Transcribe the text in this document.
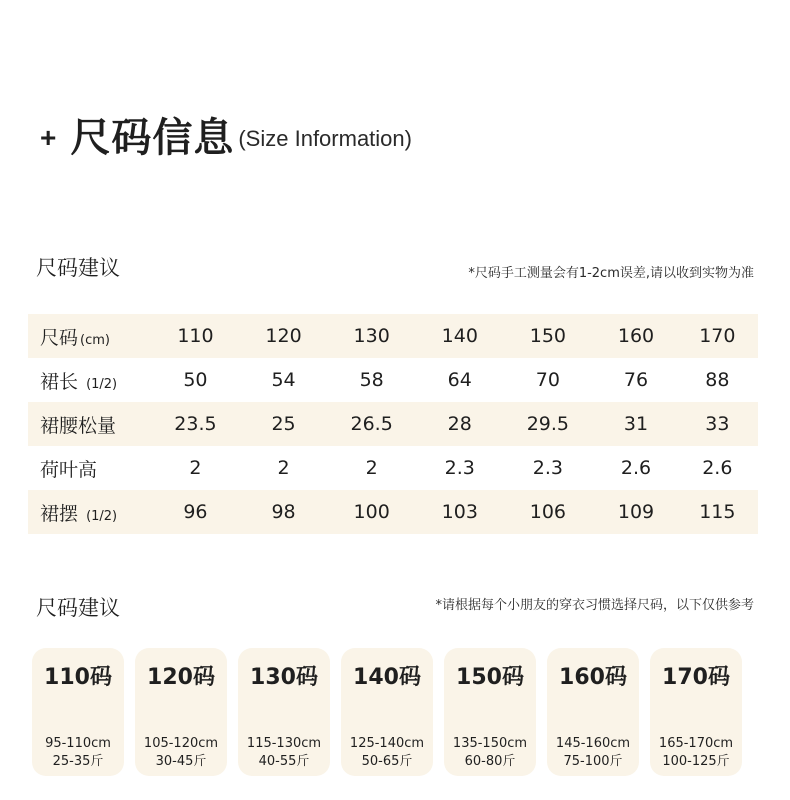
+ 尺码信息 (Size Information)
尺码建议	*尺码手工测量会有1-2cm误差,请以收到实物为准
尺码 (cm)	110	120	130	140	150	160	170
裙长 (1/2)	50	54	58	64	70	76	88
裙腰松量	23.5	25	26.5	28	29.5	31	33
荷叶高	2	2	2	2.3	2.3	2.6	2.6
裙摆 (1/2)	96	98	100	103	106	109	115
尺码建议	*请根据每个小朋友的穿衣习惯选择尺码，以下仅供参考
110码
95-110cm
25-35斤
120码
105-120cm
30-45斤
130码
115-130cm
40-55斤
140码
125-140cm
50-65斤
150码
135-150cm
60-80斤
160码
145-160cm
75-100斤
170码
165-170cm
100-125斤
